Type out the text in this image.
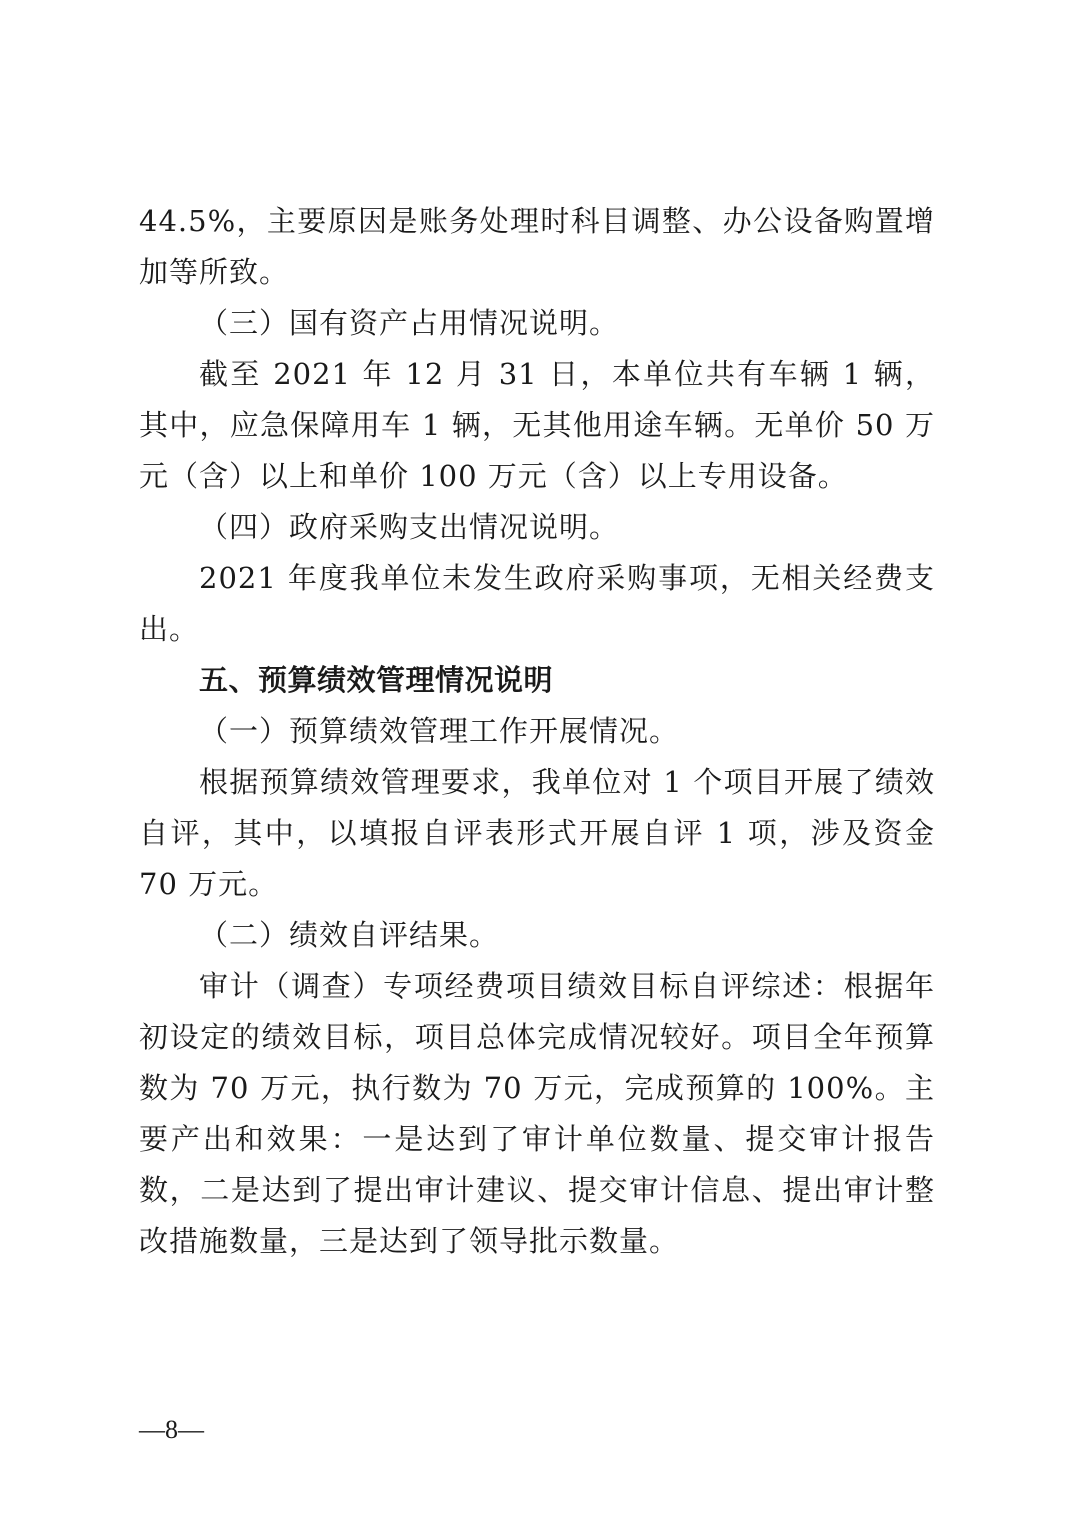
44.5%，主要原因是账务处理时科目调整、办公设备购置增加等所致。

（三）国有资产占用情况说明。

截至 2021 年 12 月 31 日，本单位共有车辆 1 辆，其中，应急保障用车 1 辆，无其他用途车辆。无单价 50 万元（含）以上和单价 100 万元（含）以上专用设备。

（四）政府采购支出情况说明。

2021 年度我单位未发生政府采购事项，无相关经费支出。

五、预算绩效管理情况说明

（一）预算绩效管理工作开展情况。

根据预算绩效管理要求，我单位对 1 个项目开展了绩效自评，其中，以填报自评表形式开展自评 1 项，涉及资金 70 万元。

（二）绩效自评结果。

审计（调查）专项经费项目绩效目标自评综述：根据年初设定的绩效目标，项目总体完成情况较好。项目全年预算数为 70 万元，执行数为 70 万元，完成预算的 100%。主要产出和效果：一是达到了审计单位数量、提交审计报告数，二是达到了提出审计建议、提交审计信息、提出审计整改措施数量，三是达到了领导批示数量。

—8—
